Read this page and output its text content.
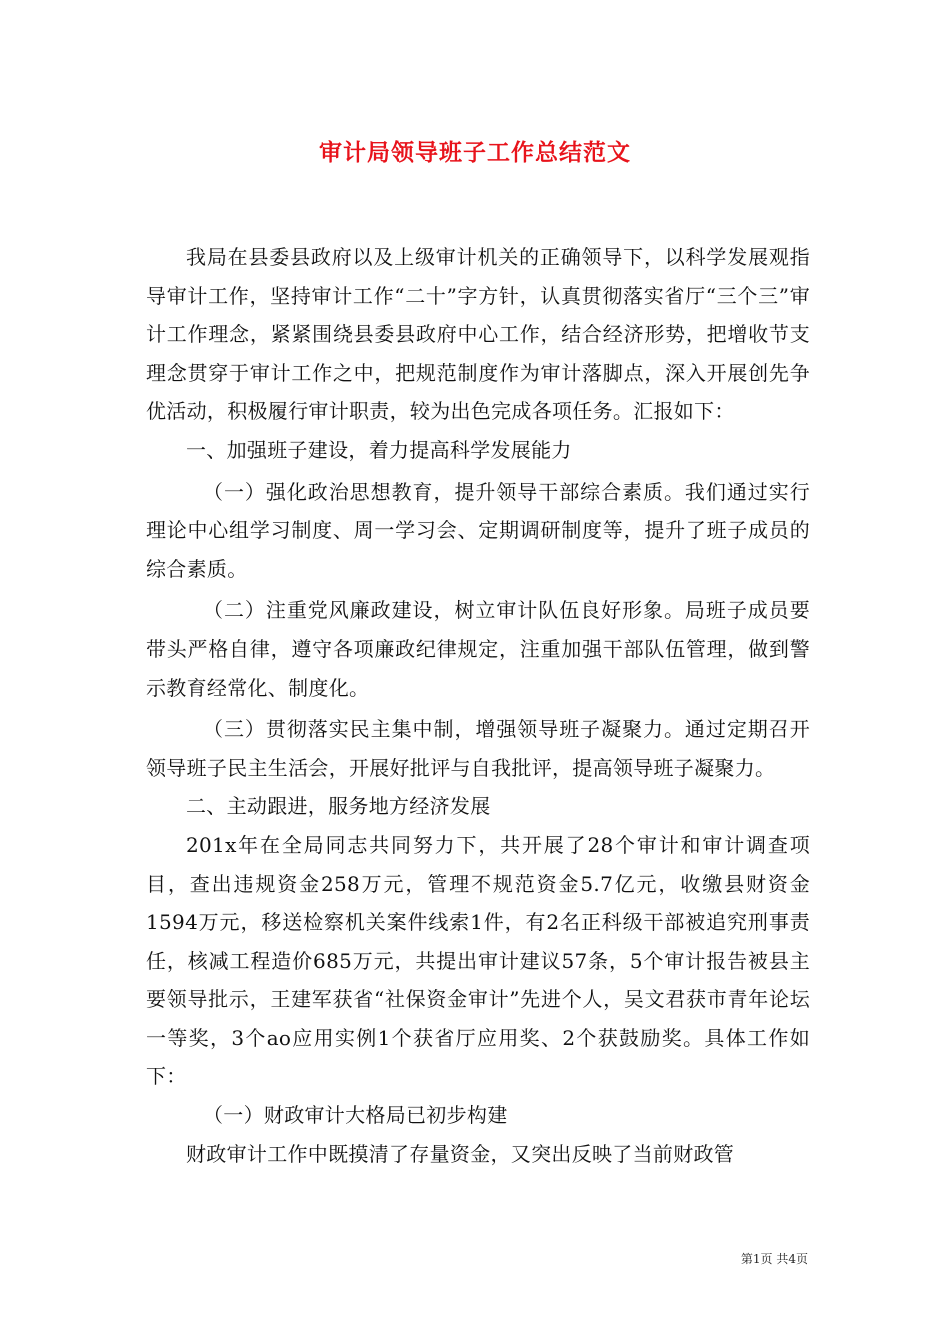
审计局领导班子工作总结范文

我局在县委县政府以及上级审计机关的正确领导下，以科学发展观指导审计工作，坚持审计工作“二十”字方针，认真贯彻落实省厅“三个三”审计工作理念，紧紧围绕县委县政府中心工作，结合经济形势，把增收节支理念贯穿于审计工作之中，把规范制度作为审计落脚点，深入开展创先争优活动，积极履行审计职责，较为出色完成各项任务。汇报如下：

一、加强班子建设，着力提高科学发展能力

（一）强化政治思想教育，提升领导干部综合素质。我们通过实行理论中心组学习制度、周一学习会、定期调研制度等，提升了班子成员的综合素质。

（二）注重党风廉政建设，树立审计队伍良好形象。局班子成员要带头严格自律，遵守各项廉政纪律规定，注重加强干部队伍管理，做到警示教育经常化、制度化。

（三）贯彻落实民主集中制，增强领导班子凝聚力。通过定期召开领导班子民主生活会，开展好批评与自我批评，提高领导班子凝聚力。

二、主动跟进，服务地方经济发展

201x年在全局同志共同努力下，共开展了28个审计和审计调查项目，查出违规资金258万元，管理不规范资金5.7亿元，收缴县财资金1594万元，移送检察机关案件线索1件，有2名正科级干部被追究刑事责任，核减工程造价685万元，共提出审计建议57条，5个审计报告被县主要领导批示，王建军获省“社保资金审计”先进个人，吴文君获市青年论坛一等奖，3个ao应用实例1个获省厅应用奖、2个获鼓励奖。具体工作如下：

（一）财政审计大格局已初步构建

财政审计工作中既摸清了存量资金，又突出反映了当前财政管

第1页 共4页
